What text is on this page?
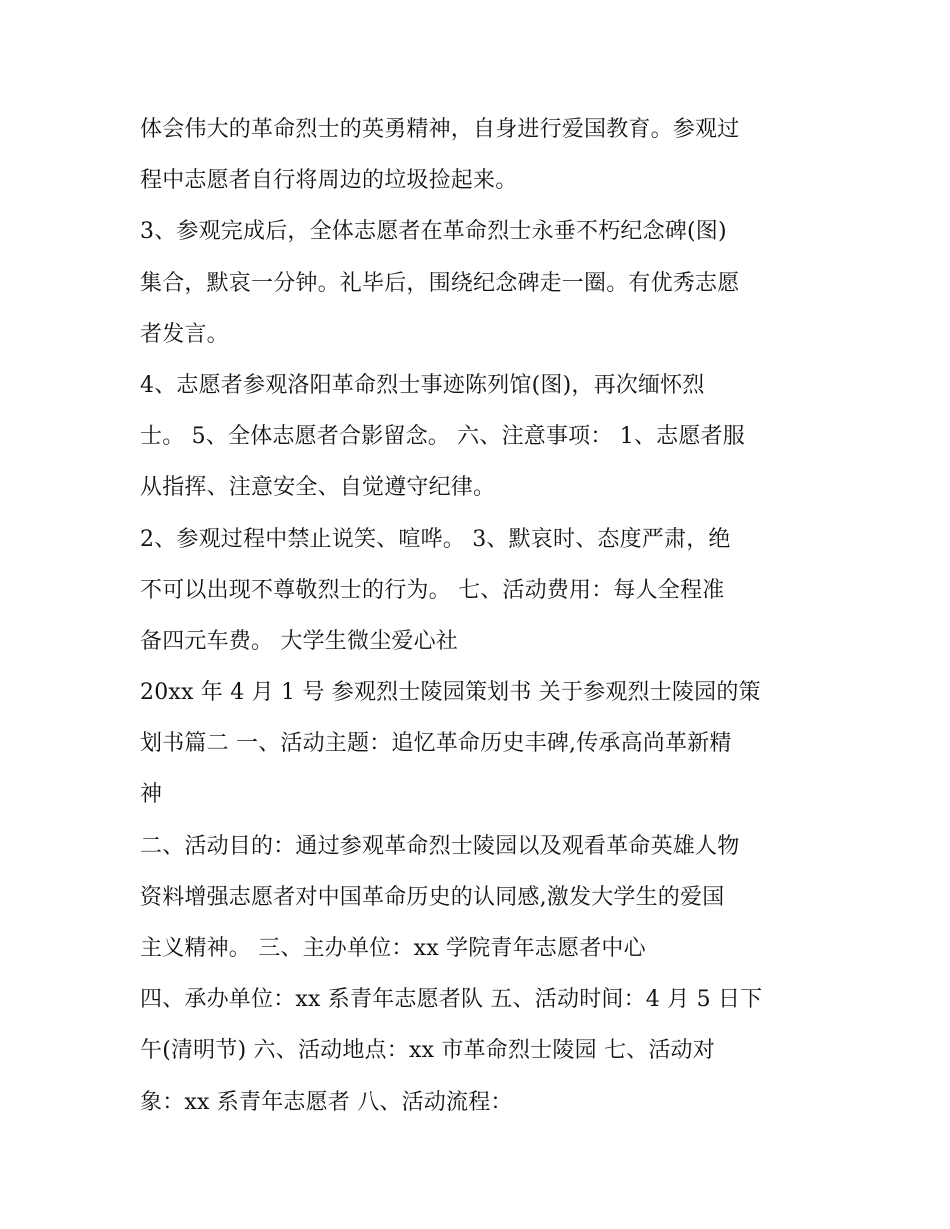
体会伟大的革命烈士的英勇精神，自身进行爱国教育。参观过
程中志愿者自行将周边的垃圾捡起来。
3、参观完成后，全体志愿者在革命烈士永垂不朽纪念碑(图)
集合，默哀一分钟。礼毕后，围绕纪念碑走一圈。有优秀志愿
者发言。
4、志愿者参观洛阳革命烈士事迹陈列馆(图)，再次缅怀烈
士。 5、全体志愿者合影留念。 六、注意事项： 1、志愿者服
从指挥、注意安全、自觉遵守纪律。
2、参观过程中禁止说笑、喧哗。 3、默哀时、态度严肃，绝
不可以出现不尊敬烈士的行为。 七、活动费用：每人全程准
备四元车费。 大学生微尘爱心社
20xx 年 4 月 1 号 参观烈士陵园策划书 关于参观烈士陵园的策
划书篇二 一、活动主题：追忆革命历史丰碑,传承高尚革新精
神
二、活动目的：通过参观革命烈士陵园以及观看革命英雄人物
资料增强志愿者对中国革命历史的认同感,激发大学生的爱国
主义精神。 三、主办单位：xx 学院青年志愿者中心
四、承办单位：xx 系青年志愿者队 五、活动时间：4 月 5 日下
午(清明节) 六、活动地点：xx 市革命烈士陵园 七、活动对
象：xx 系青年志愿者 八、活动流程：
